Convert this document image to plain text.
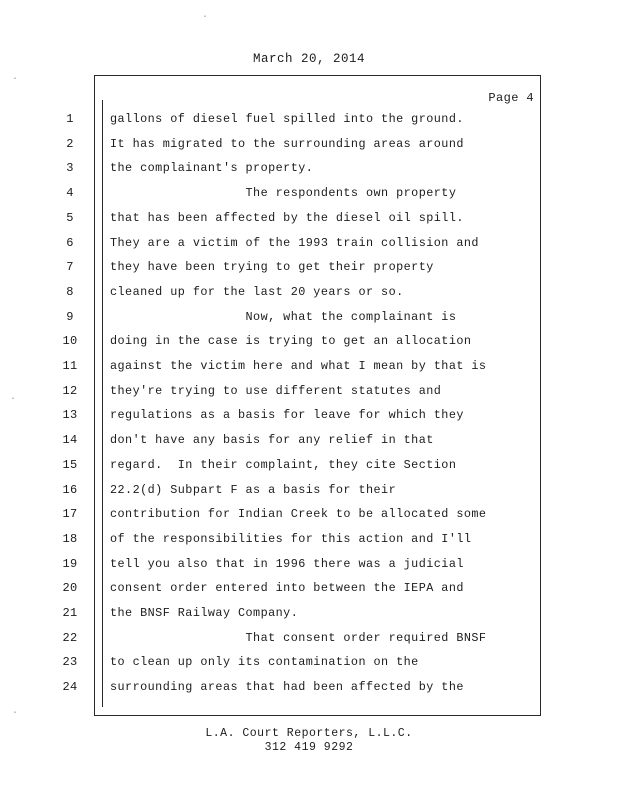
March 20, 2014
Page 4
1	gallons of diesel fuel spilled into the ground.
2	It has migrated to the surrounding areas around
3	the complainant's property.
4	The respondents own property
5	that has been affected by the diesel oil spill.
6	They are a victim of the 1993 train collision and
7	they have been trying to get their property
8	cleaned up for the last 20 years or so.
9	Now, what the complainant is
10	doing in the case is trying to get an allocation
11	against the victim here and what I mean by that is
12	they're trying to use different statutes and
13	regulations as a basis for leave for which they
14	don't have any basis for any relief in that
15	regard.  In their complaint, they cite Section
16	22.2(d) Subpart F as a basis for their
17	contribution for Indian Creek to be allocated some
18	of the responsibilities for this action and I'll
19	tell you also that in 1996 there was a judicial
20	consent order entered into between the IEPA and
21	the BNSF Railway Company.
22	That consent order required BNSF
23	to clean up only its contamination on the
24	surrounding areas that had been affected by the
L.A. Court Reporters, L.L.C.
312 419 9292
·
·
·
·
